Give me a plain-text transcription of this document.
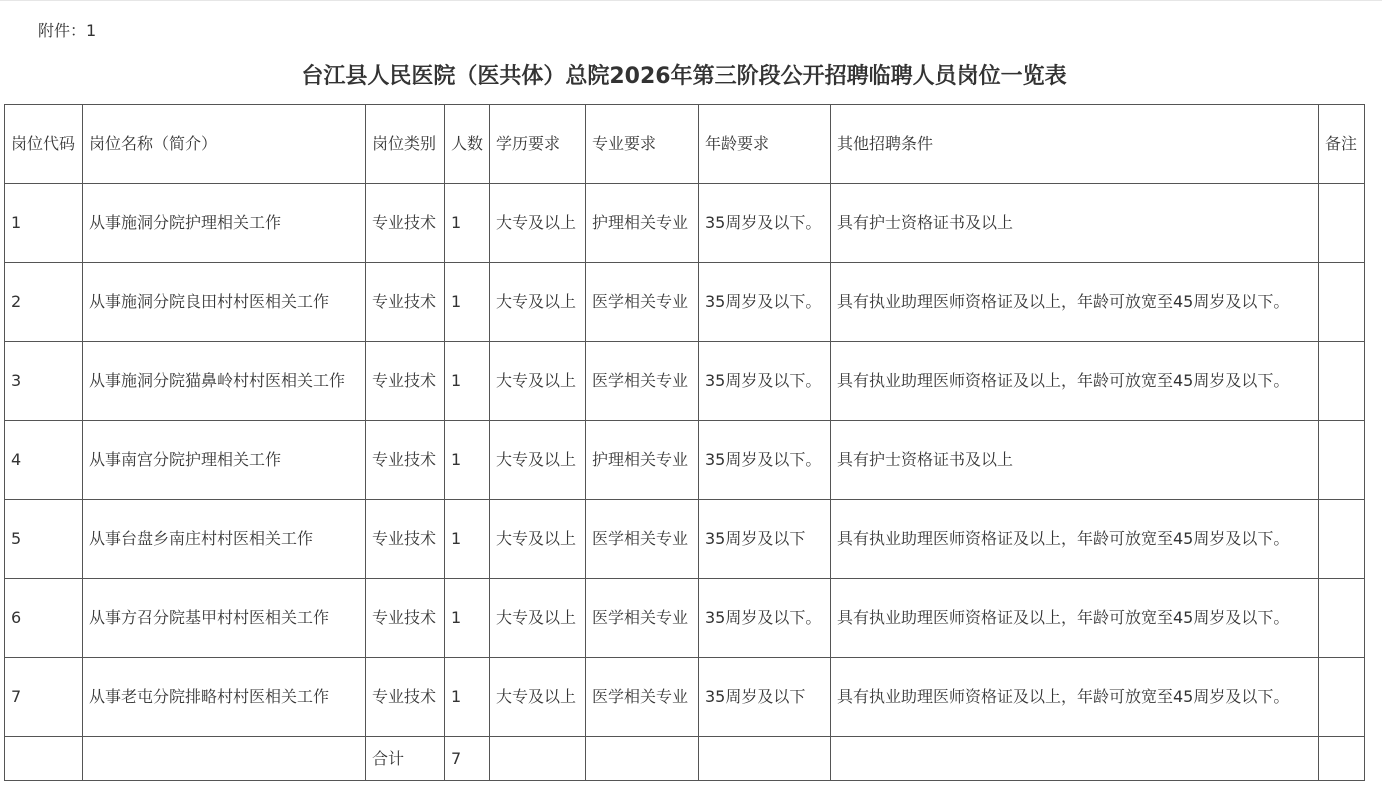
附件：1
台江县人民医院（医共体）总院2026年第三阶段公开招聘临聘人员岗位一览表
岗位代码	岗位名称（简介）	岗位类别	人数	学历要求	专业要求	年龄要求	其他招聘条件	备注
1	从事施洞分院护理相关工作	专业技术	1	大专及以上	护理相关专业	35周岁及以下。	具有护士资格证书及以上	
2	从事施洞分院良田村村医相关工作	专业技术	1	大专及以上	医学相关专业	35周岁及以下。	具有执业助理医师资格证及以上，年龄可放宽至45周岁及以下。	
3	从事施洞分院猫鼻岭村村医相关工作	专业技术	1	大专及以上	医学相关专业	35周岁及以下。	具有执业助理医师资格证及以上，年龄可放宽至45周岁及以下。	
4	从事南宫分院护理相关工作	专业技术	1	大专及以上	护理相关专业	35周岁及以下。	具有护士资格证书及以上	
5	从事台盘乡南庄村村医相关工作	专业技术	1	大专及以上	医学相关专业	35周岁及以下	具有执业助理医师资格证及以上，年龄可放宽至45周岁及以下。	
6	从事方召分院基甲村村医相关工作	专业技术	1	大专及以上	医学相关专业	35周岁及以下。	具有执业助理医师资格证及以上，年龄可放宽至45周岁及以下。	
7	从事老屯分院排略村村医相关工作	专业技术	1	大专及以上	医学相关专业	35周岁及以下	具有执业助理医师资格证及以上，年龄可放宽至45周岁及以下。	
		合计	7					
